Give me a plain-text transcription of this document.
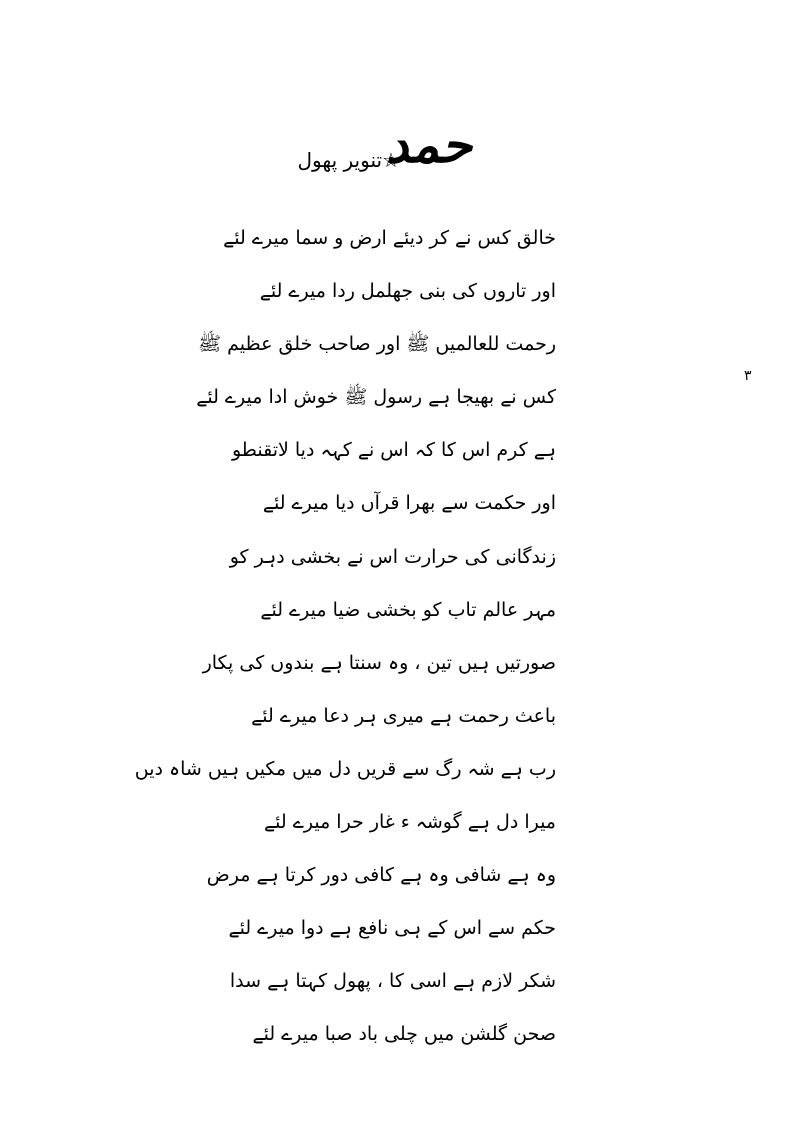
حمد
☆تنویر پھول
خالق کس نے کر دیئے ارض و سما میرے لئے
اور تاروں کی بنی جھلمل ردا میرے لئے
رحمت للعالمیں ﷺ اور صاحب خلق عظیم ﷺ
کس نے بھیجا ہے رسول ﷺ خوش ادا میرے لئے
ہے کرم اس کا کہ اس نے کہہ دیا لاتقنطو
اور حکمت سے بھرا قرآں دیا میرے لئے
زندگانی کی حرارت اس نے بخشی دہر کو
مہر عالم تاب کو بخشی ضیا میرے لئے
صورتیں ہیں تین ، وہ سنتا ہے بندوں کی پکار
باعث رحمت ہے میری ہر دعا میرے لئے
رب ہے شہ رگ سے قریں دل میں مکیں ہیں شاہ دیں
میرا دل ہے گوشہ ء غار حرا میرے لئے
وہ ہے شافی وہ ہے کافی دور کرتا ہے مرض
حکم سے اس کے ہی نافع ہے دوا میرے لئے
شکر لازم ہے اسی کا ، پھول کہتا ہے سدا
صحن گلشن میں چلی باد صبا میرے لئے
۳
